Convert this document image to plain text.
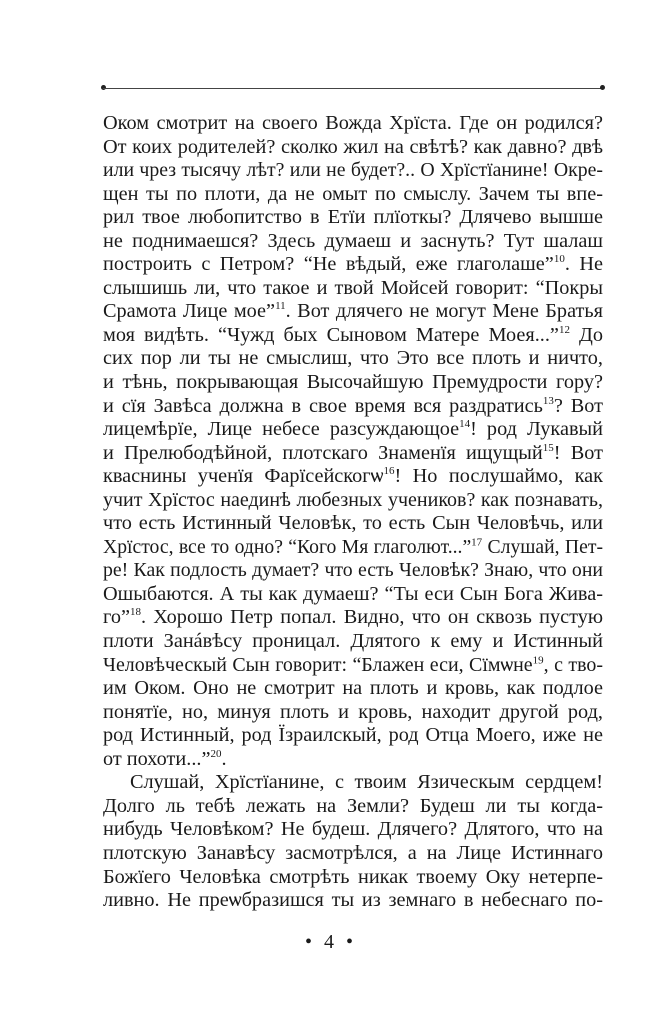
Оком смотрит на своего Вождa Хрїста. Где он родился?
От коих родителей? сколко жил на свѣтѣ? как давно? двѣ
или чрез тысячу лѣт? или не будет?.. О Хрїстїанине! Окре-
щен ты по плоти, да не омыт по смыслу. Зачем ты впе-
рил твое любопитство в Етїи плїоткы? Длячево вышше
не поднимаешся? Здесь думаеш и заснуть? Тут шалаш
построить с Петром? “Не вѣдый, еже глаголаше”$^{10}$. Не
слышишь ли, что такое и твой Мойсей говорит: “Покры
Срамота Лице мое”$^{11}$. Вот длячего не могут Мене Братья
моя видѣть. “Чужд бых Сыновом Матере Моея...”$^{12}$ До
сих пор ли ты не смыслиш, что Это все плоть и ничто,
и тѣнь, покрывающая Высочайшую Премудрости гору?
и сїя Завѣса должна в свое время вся раздратись$^{13}$? Вот
лицемѣрїе, Лице небесе разсуждающое$^{14}$! род Лукавый
и Прелюбодѣйной, плотскаго Знаменїя ищущый$^{15}$! Вот
кваснины ученїя Фарїсейскогѡ$^{16}$! Но послушаймо, как
учит Хрїстос наединѣ любезных учеников? как познавать,
что есть Истинный Человѣк, то есть Сын Человѣчь, или
Хрїстос, все то одно? “Кого Мя глаголют...”$^{17}$ Слушай, Пет-
ре! Как подлость думает? что есть Человѣк? Знаю, что они
Ошыбаются. А ты как думаеш? “Ты еси Сын Бога Жива-
го”$^{18}$. Хорошо Петр попал. Видно, что он сквозь пустую
плоти Занáвѣсу проницал. Длятого к ему и Истинный
Человѣческый Сын говорит: “Блажен еси, Сїмѡне$^{19}$, с тво-
им Оком. Оно не смотрит на плоть и кровь, как подлое
понятїе, но, минуя плоть и кровь, находит другой род,
род Истинный, род Їзраилскый, род Отца Моего, иже не
от похоти...”$^{20}$.
Слушай, Хрїстїанине, с твоим Язическым сердцем!
Долго ль тебѣ лежать на Земли? Будеш ли ты когда-
нибудь Человѣком? Не будеш. Длячего? Длятого, что на
плотскую Занавѣсу засмотрѣлся, а на Лице Истиннаго
Божїего Человѣка смотрѣть никак твоему Оку нетерпе-
ливно. Не преѡбразишся ты из земнаго в небеснаго по-
• 4 •
